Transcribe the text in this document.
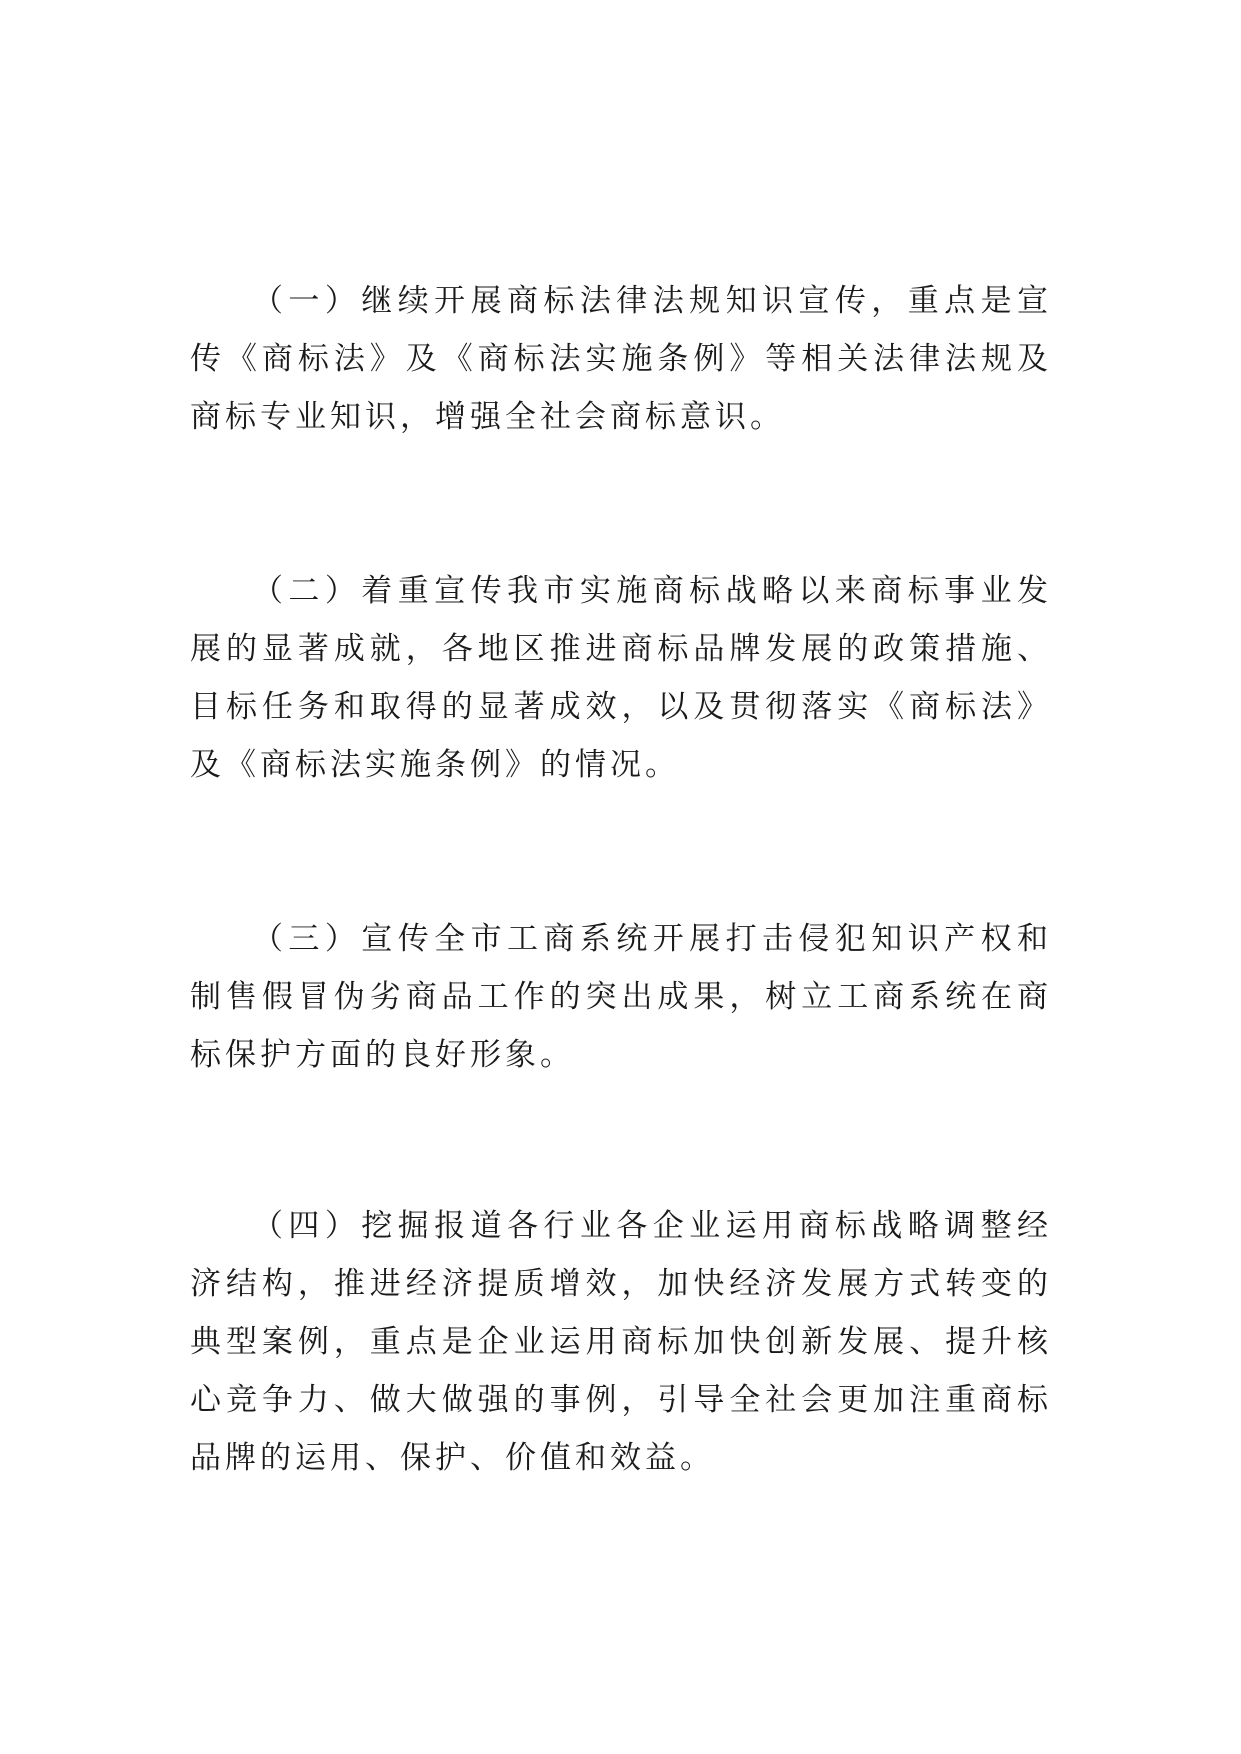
（一）继续开展商标法律法规知识宣传，重点是宣传《商标法》及《商标法实施条例》等相关法律法规及商标专业知识，增强全社会商标意识。

（二）着重宣传我市实施商标战略以来商标事业发展的显著成就，各地区推进商标品牌发展的政策措施、目标任务和取得的显著成效，以及贯彻落实《商标法》及《商标法实施条例》的情况。

（三）宣传全市工商系统开展打击侵犯知识产权和制售假冒伪劣商品工作的突出成果，树立工商系统在商标保护方面的良好形象。

（四）挖掘报道各行业各企业运用商标战略调整经济结构，推进经济提质增效，加快经济发展方式转变的典型案例，重点是企业运用商标加快创新发展、提升核心竞争力、做大做强的事例，引导全社会更加注重商标品牌的运用、保护、价值和效益。
